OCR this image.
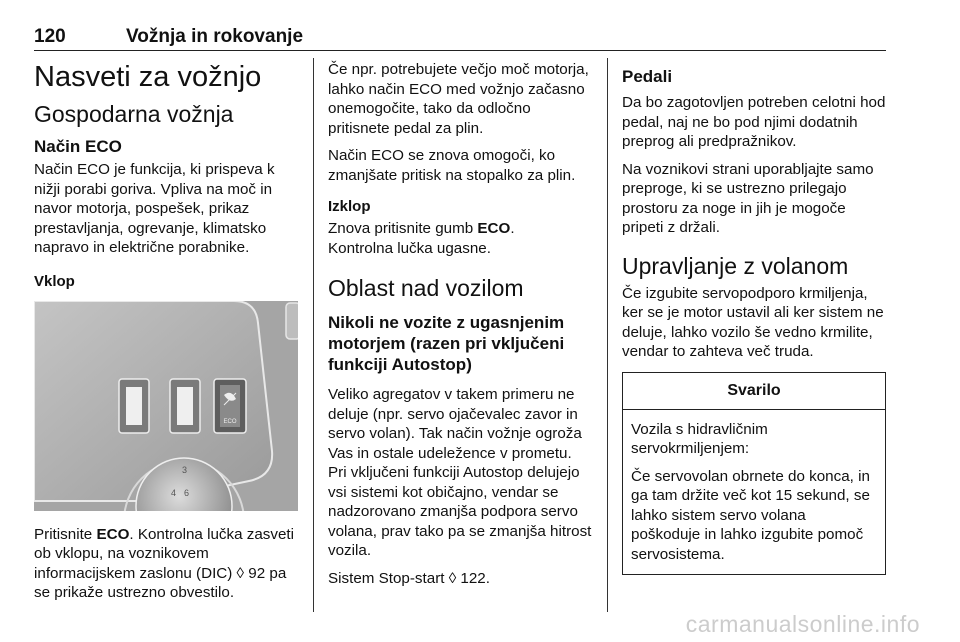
120	Vožnja in rokovanje
Nasveti za vožnjo
Gospodarna vožnja
Način ECO

Način ECO je funkcija, ki prispeva k nižji porabi goriva. Vpliva na moč in navor motorja, pospešek, prikaz prestavljanja, ogrevanje, klimatsko napravo in električne porabnike.

Vklop
ECO
3
4 6

Pritisnite ECO. Kontrolna lučka zasveti ob vklopu, na voznikovem informacijskem zaslonu (DIC) ◊ 92 pa se prikaže ustrezno obvestilo.

Če npr. potrebujete večjo moč motorja, lahko način ECO med vožnjo začasno onemogočite, tako da odločno pritisnete pedal za plin.

Način ECO se znova omogoči, ko zmanjšate pritisk na stopalko za plin.

Izklop

Znova pritisnite gumb ECO.

Kontrolna lučka ugasne.

Oblast nad vozilom
Nikoli ne vozite z ugasnjenim motorjem (razen pri vključeni funkciji Autostop)

Veliko agregatov v takem primeru ne deluje (npr. servo ojačevalec zavor in servo volan). Tak način vožnje ogroža Vas in ostale udeležence v prometu. Pri vključeni funkciji Autostop delujejo vsi sistemi kot običajno, vendar se nadzorovano zmanjša podpora servo volana, prav tako pa se zmanjša hitrost vozila.

Sistem Stop-start ◊ 122.

Pedali

Da bo zagotovljen potreben celotni hod pedal, naj ne bo pod njimi dodatnih preprog ali predpražnikov.

Na voznikovi strani uporabljajte samo preproge, ki se ustrezno prilegajo prostoru za noge in jih je mogoče pripeti z držali.

Upravljanje z volanom

Če izgubite servopodporo krmiljenja, ker se je motor ustavil ali ker sistem ne deluje, lahko vozilo še vedno krmilite, vendar to zahteva več truda.

Svarilo

Vozila s hidravličnim servokrmiljenjem:

Če servovolan obrnete do konca, in ga tam držite več kot 15 sekund, se lahko sistem servo volana poškoduje in lahko izgubite pomoč servosistema.

carmanualsonline.info
